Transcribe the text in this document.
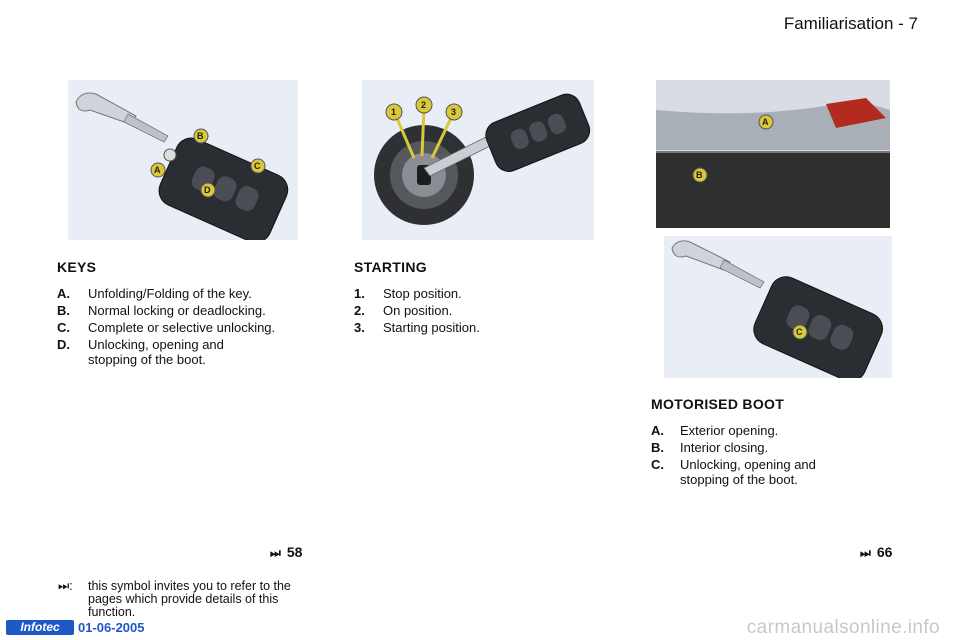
Familiarisation - 7
B
A	C
D
1
2
3
A
B
C
KEYS
A. Unfolding/Folding of the key.
B. Normal locking or deadlocking.
C. Complete or selective unlocking.
D. Unlocking, opening and stopping of the boot.
STARTING
1. Stop position.
2. On position.
3. Starting position.
MOTORISED BOOT
A. Exterior opening.
B. Interior closing.
C. Unlocking, opening and stopping of the boot.
⏭ 58	⏭ 66
⏭:	this symbol invites you to refer to the pages which provide details of this function.
Infotec	01-06-2005	carmanualsonline.info
